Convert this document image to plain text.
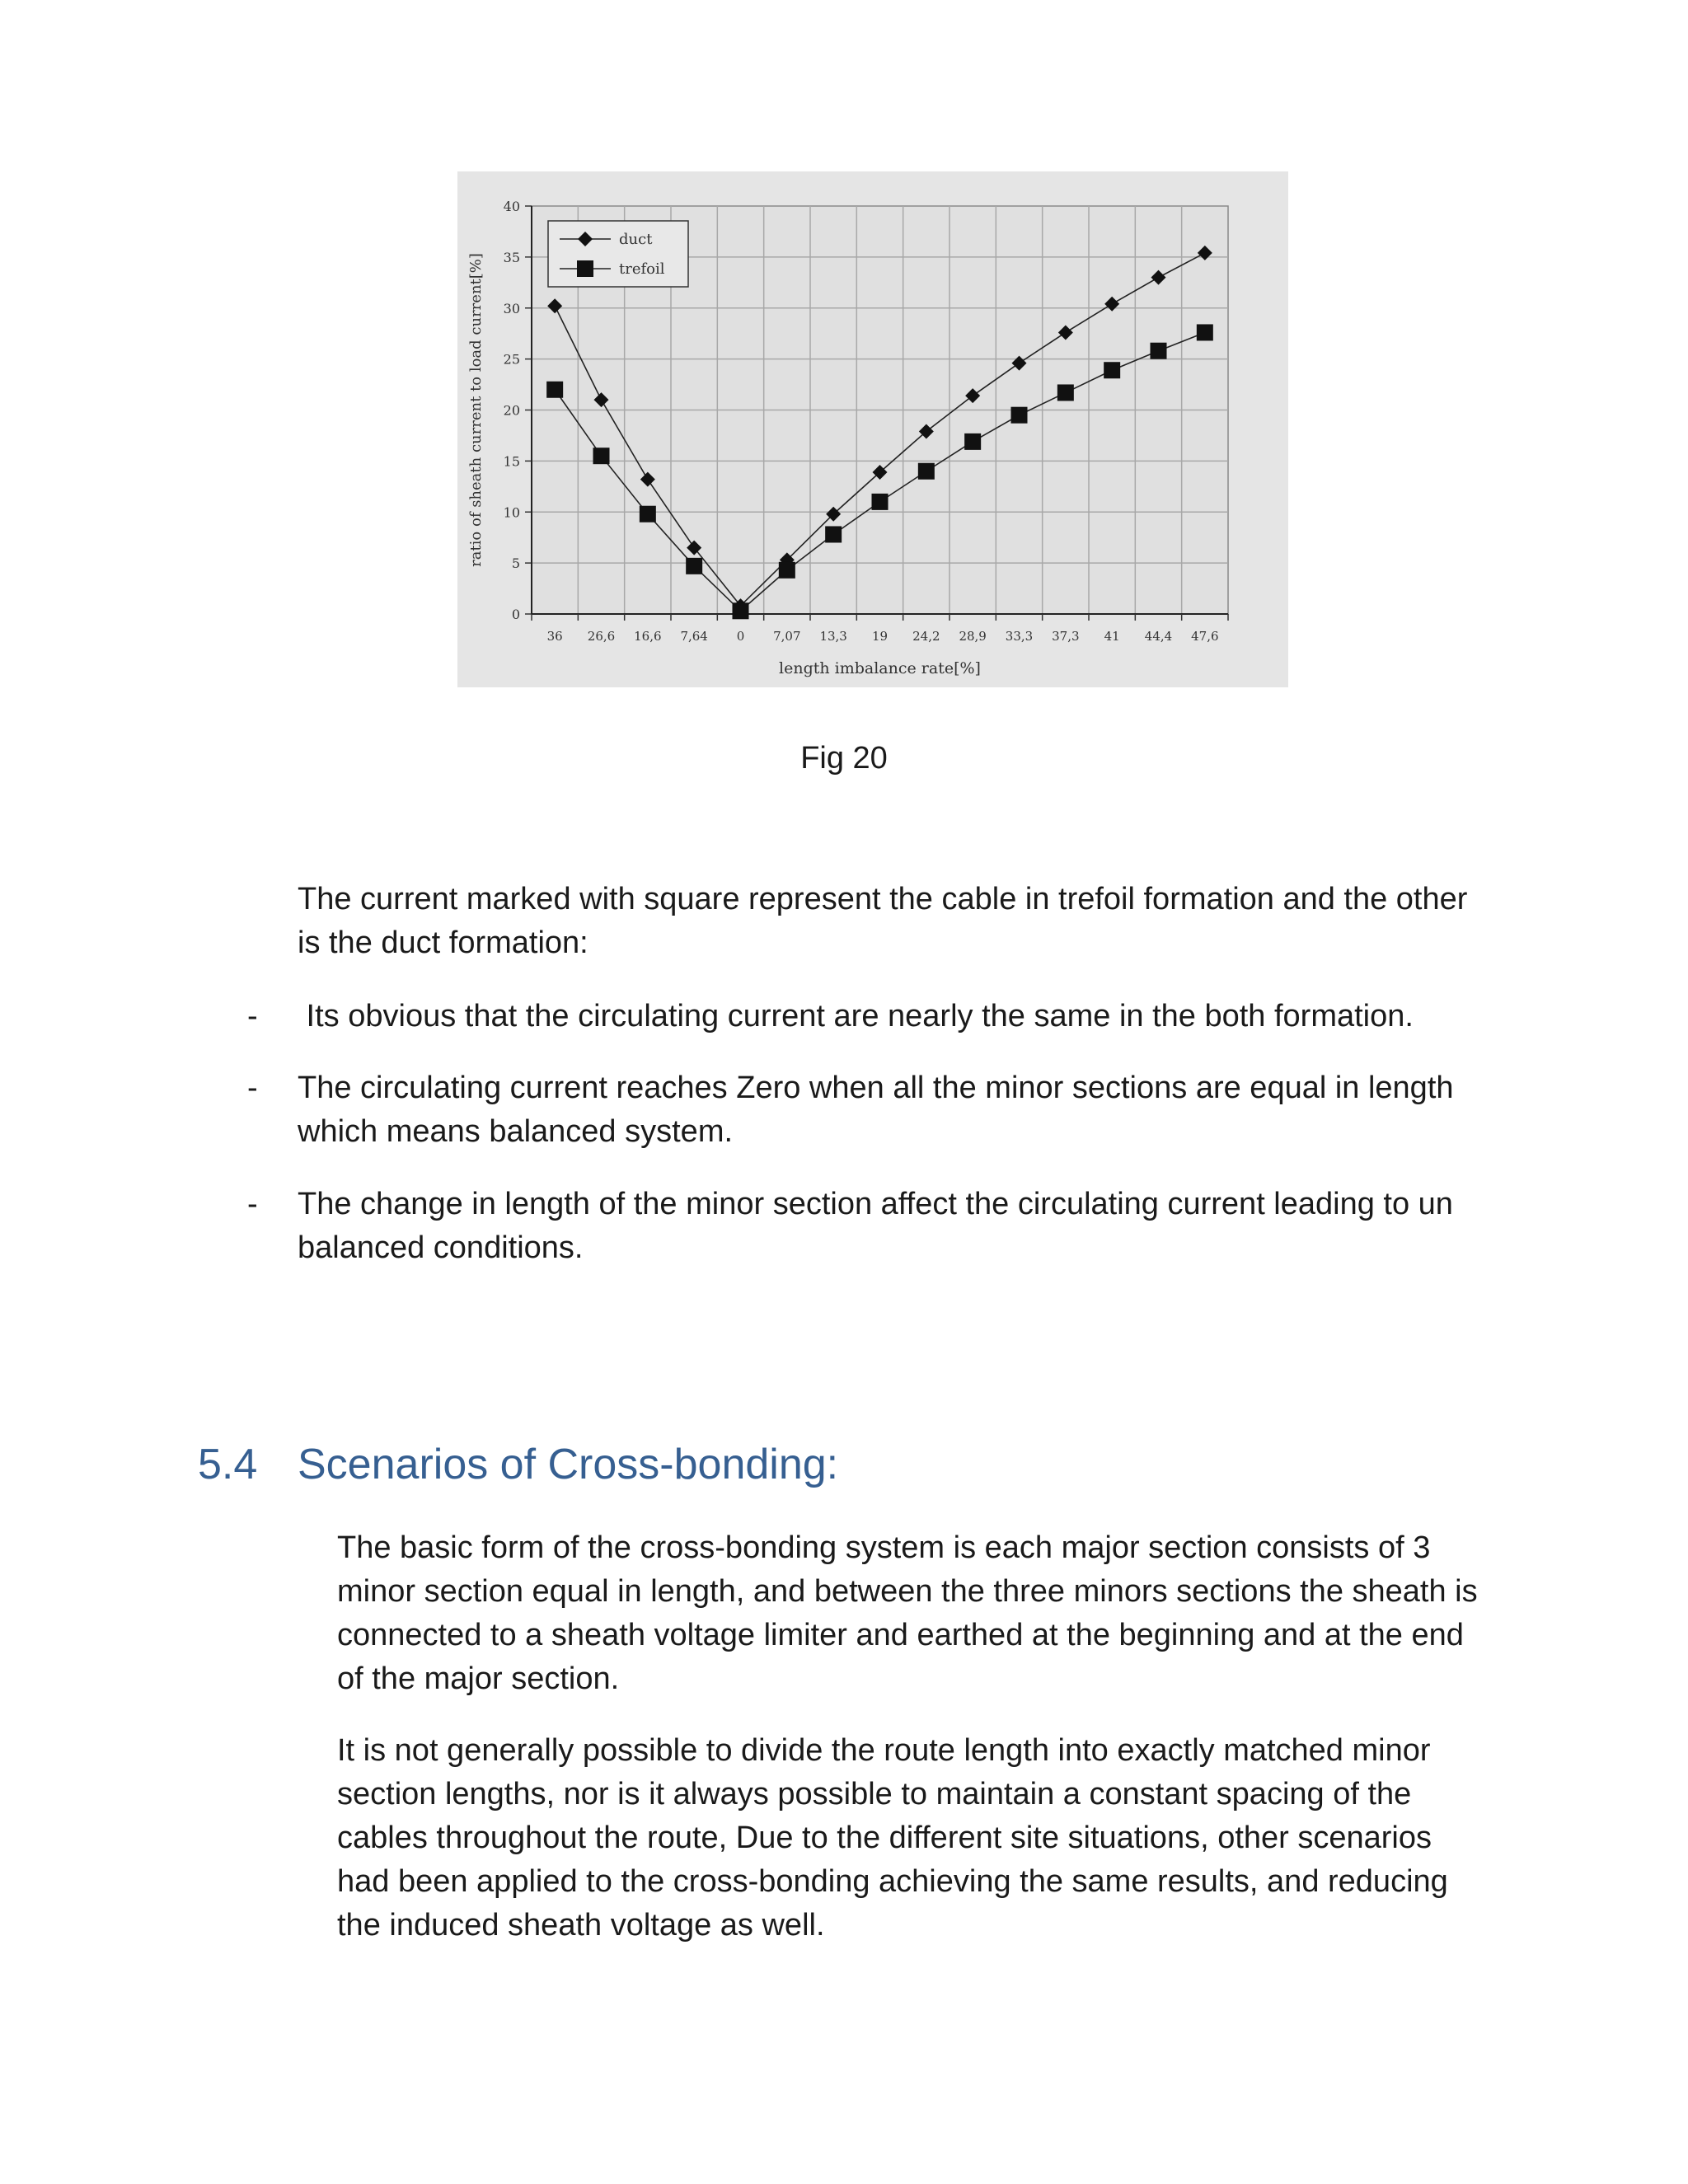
0
5
10
15
20
25
30
35
40
36 26,6 16,6 7,64 0 7,07 13,3 19 24,2 28,9 33,3 37,3 41 44,4 47,6
length imbalance rate[%]
ratio of sheath current to load current[%]
duct
trefoil
Fig 20

The current marked with square represent the cable in trefoil formation and the other is the duct formation:

- Its obvious that the circulating current are nearly the same in the both formation.

- The circulating current reaches Zero when all the minor sections are equal in length which means balanced system.

- The change in length of the minor section affect the circulating current leading to un balanced conditions.

5.4 Scenarios of Cross-bonding:

The basic form of the cross-bonding system is each major section consists of 3 minor section equal in length, and between the three minors sections the sheath is connected to a sheath voltage limiter and earthed at the beginning and at the end of the major section.

It is not generally possible to divide the route length into exactly matched minor section lengths, nor is it always possible to maintain a constant spacing of the cables throughout the route, Due to the different site situations, other scenarios had been applied to the cross-bonding achieving the same results, and reducing the induced sheath voltage as well.
